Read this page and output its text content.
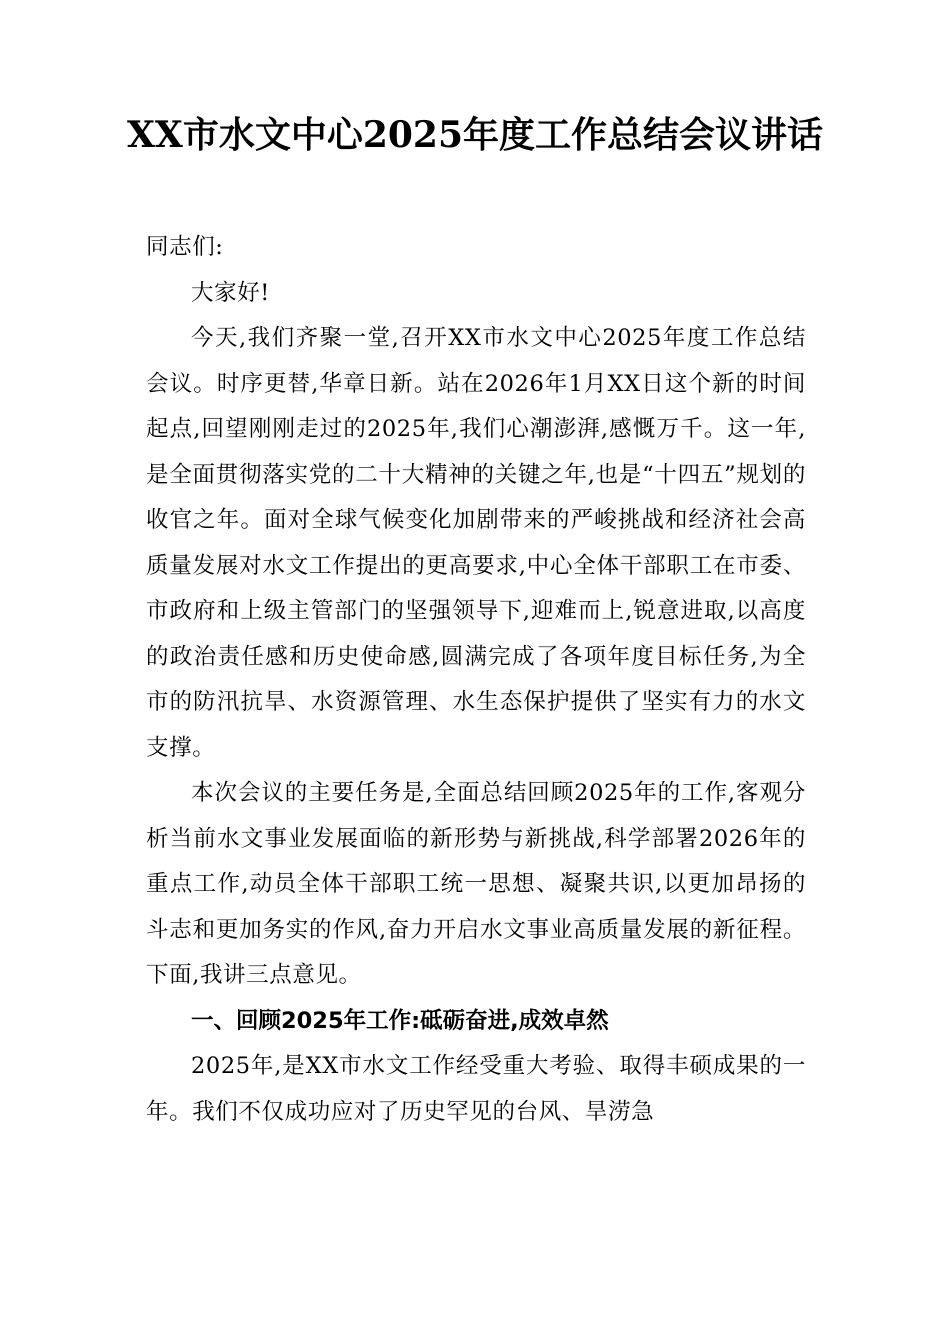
XX市水文中心2025年度工作总结会议讲话

同志们:

大家好!

今天,我们齐聚一堂,召开XX市水文中心2025年度工作总结会议。时序更替,华章日新。站在2026年1月XX日这个新的时间起点,回望刚刚走过的2025年,我们心潮澎湃,感慨万千。这一年,是全面贯彻落实党的二十大精神的关键之年,也是“十四五”规划的收官之年。面对全球气候变化加剧带来的严峻挑战和经济社会高质量发展对水文工作提出的更高要求,中心全体干部职工在市委、市政府和上级主管部门的坚强领导下,迎难而上,锐意进取,以高度的政治责任感和历史使命感,圆满完成了各项年度目标任务,为全市的防汛抗旱、水资源管理、水生态保护提供了坚实有力的水文支撑。

本次会议的主要任务是,全面总结回顾2025年的工作,客观分析当前水文事业发展面临的新形势与新挑战,科学部署2026年的重点工作,动员全体干部职工统一思想、凝聚共识,以更加昂扬的斗志和更加务实的作风,奋力开启水文事业高质量发展的新征程。下面,我讲三点意见。

一、回顾2025年工作:砥砺奋进,成效卓然

2025年,是XX市水文工作经受重大考验、取得丰硕成果的一年。我们不仅成功应对了历史罕见的台风、旱涝急
